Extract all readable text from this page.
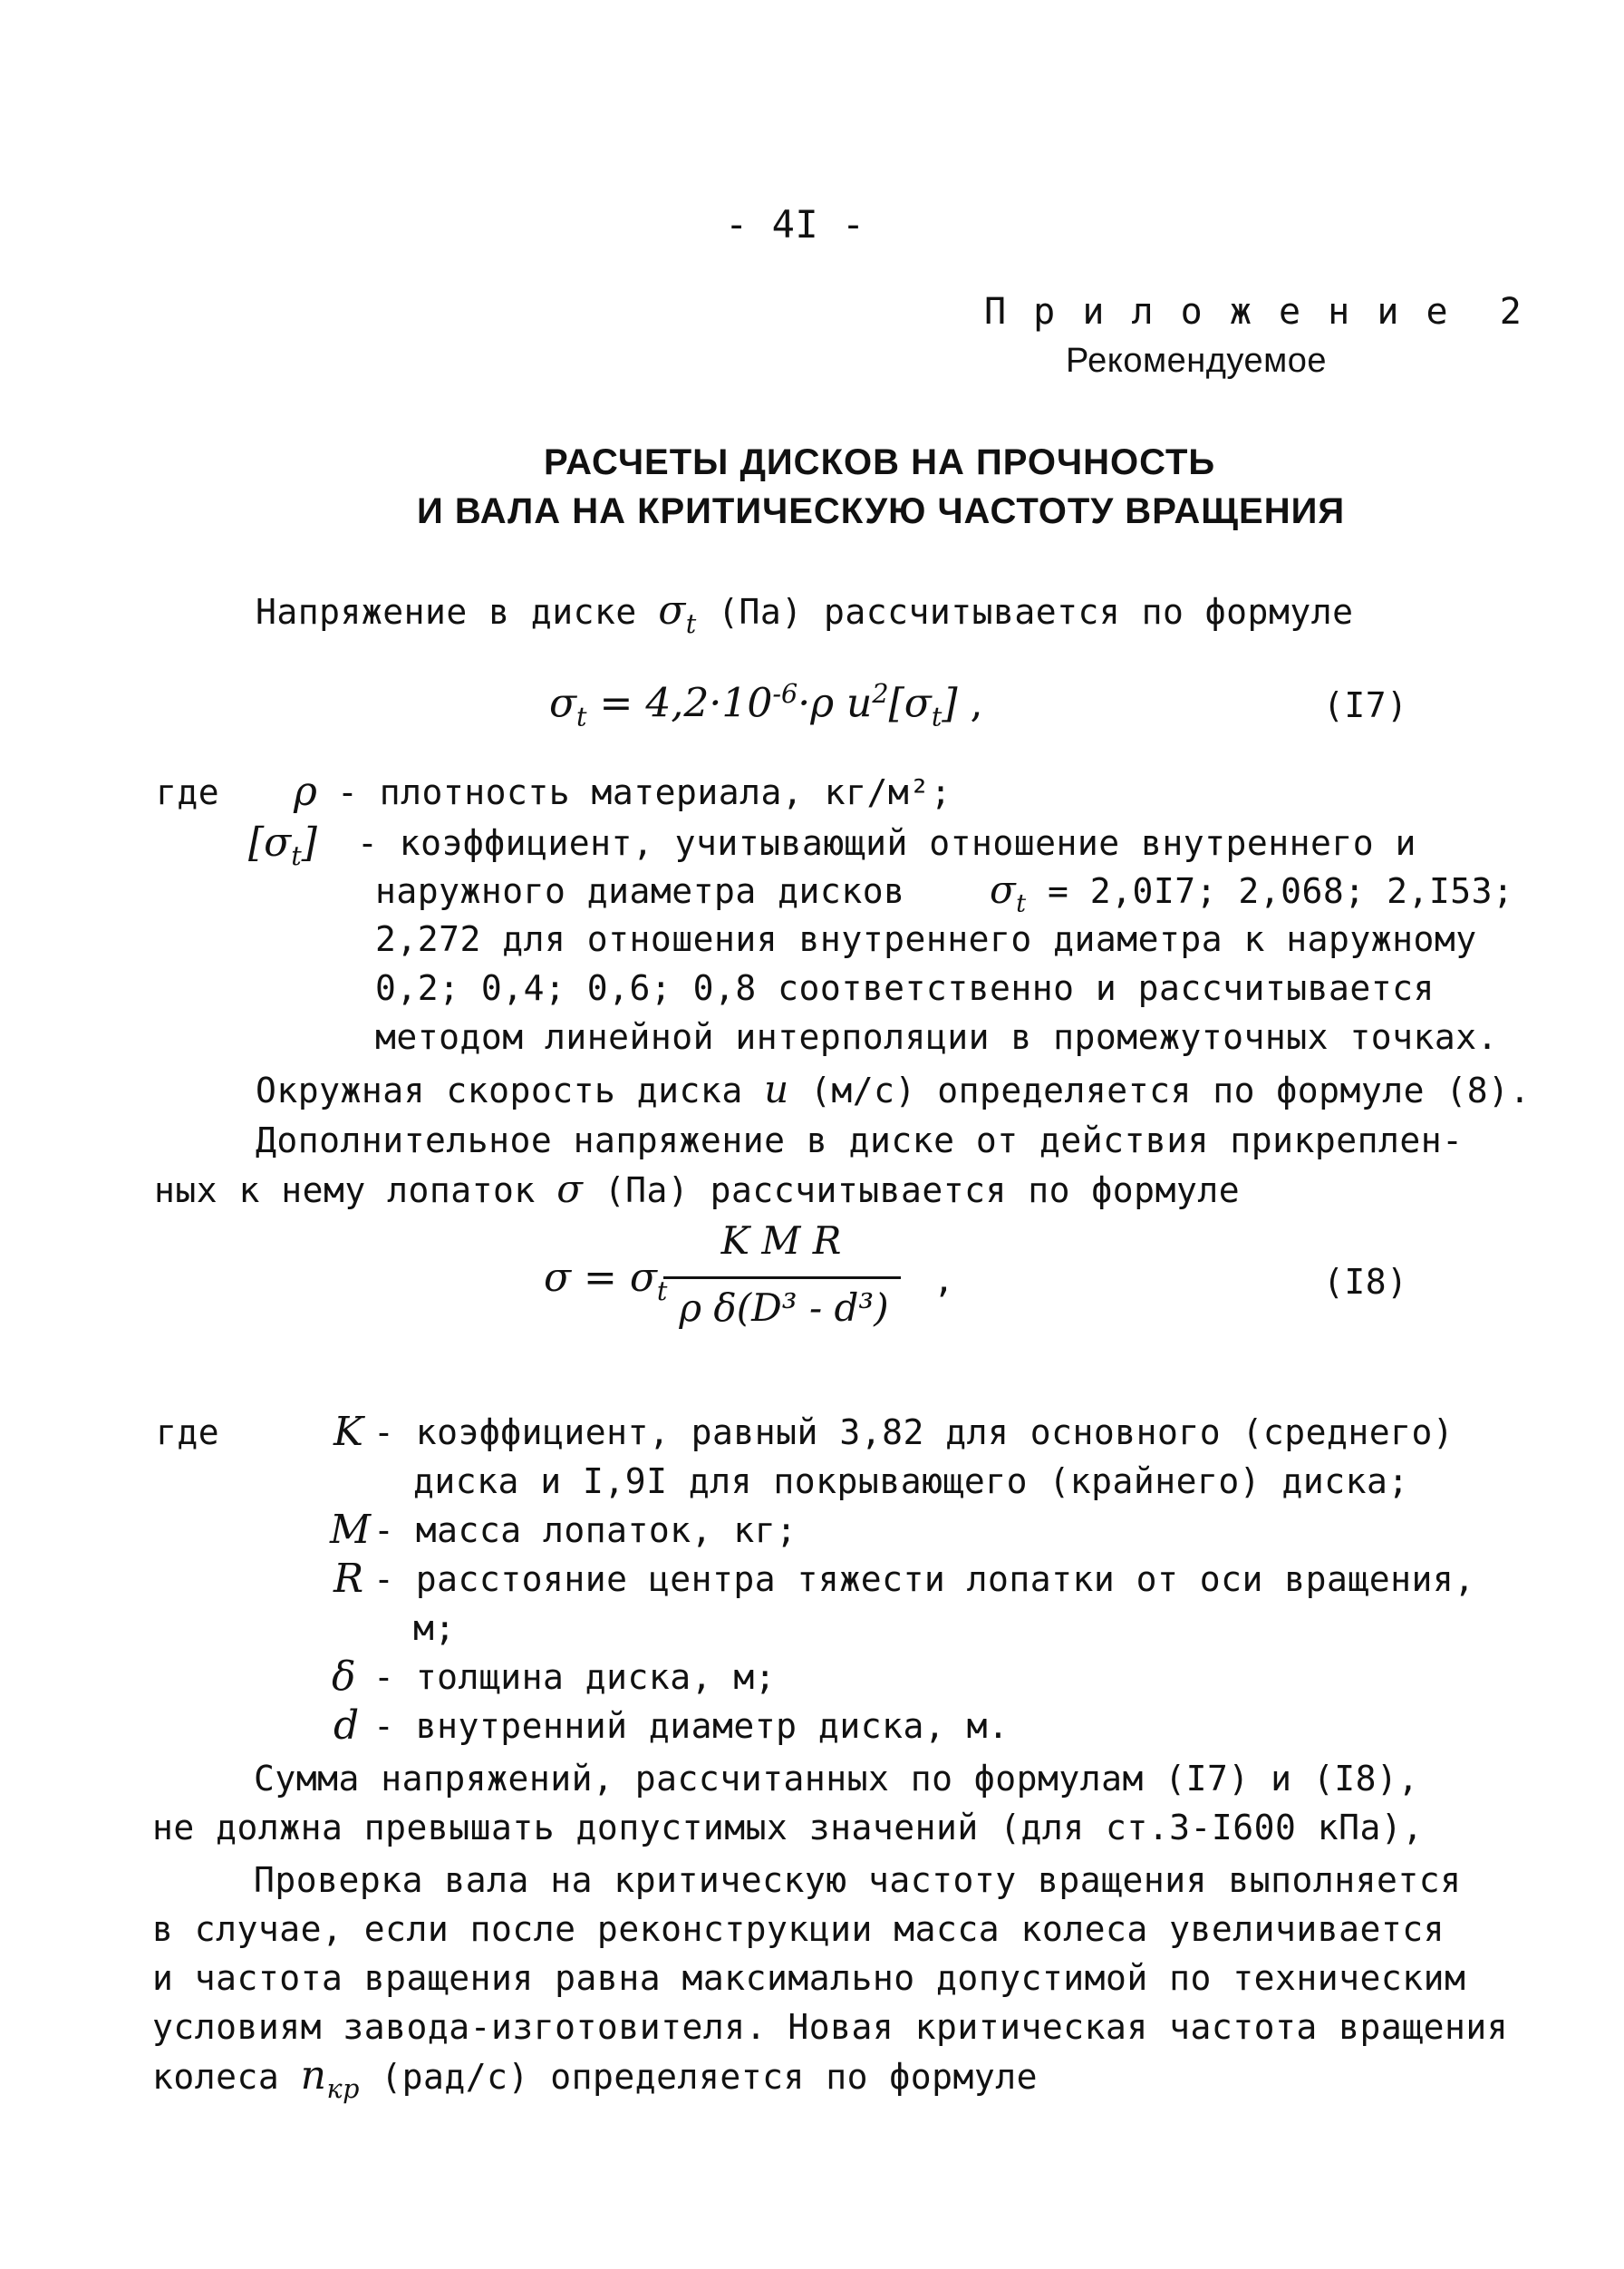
- 4I -
П р и л о ж е н и е  2
Рекомендуемое
РАСЧЕТЫ ДИСКОВ НА ПРОЧНОСТЬ
И ВАЛА НА КРИТИЧЕСКУЮ ЧАСТОТУ ВРАЩЕНИЯ
Напряжение в диске $\sigma_t$ (Па) рассчитывается по формуле
$\sigma_t = 4,2\cdot 10^{-6}\cdot\rho$ $u^2[\sigma_t]$ ,	(I7)
где ρ - плотность материала, кг/м²;
$[\sigma_t]$ - коэффициент, учитывающий отношение внутреннего и
наружного диаметра дисков $\sigma_t = 2,0I7$; 2,068; 2,I53;
2,272 для отношения внутреннего диаметра к наружному
0,2; 0,4; 0,6; 0,8 соответственно и рассчитывается
методом линейной интерполяции в промежуточных точках.
Окружная скорость диска u (м/с) определяется по формуле (8).
Дополнительное напряжение в диске от действия прикреплен-
ных к нему лопаток σ (Па) рассчитывается по формуле
$\sigma = \sigma_t$
K M R
ρ δ(D³ - d³)
,	(I8)
где	K - коэффициент, равный 3,82 для основного (среднего)
диска и I,9I для покрывающего (крайнего) диска;
M - масса лопаток, кг;
R - расстояние центра тяжести лопатки от оси вращения,
м;
δ - толщина диска, м;
d - внутренний диаметр диска, м.
Сумма напряжений, рассчитанных по формулам (I7) и (I8),
не должна превышать допустимых значений (для ст.3-I600 кПа),
Проверка вала на критическую частоту вращения выполняется
в случае, если после реконструкции масса колеса увеличивается
и частота вращения равна максимально допустимой по техническим
условиям завода-изготовителя. Новая критическая частота вращения
колеса $n_{кр}$ (рад/с) определяется по формуле
